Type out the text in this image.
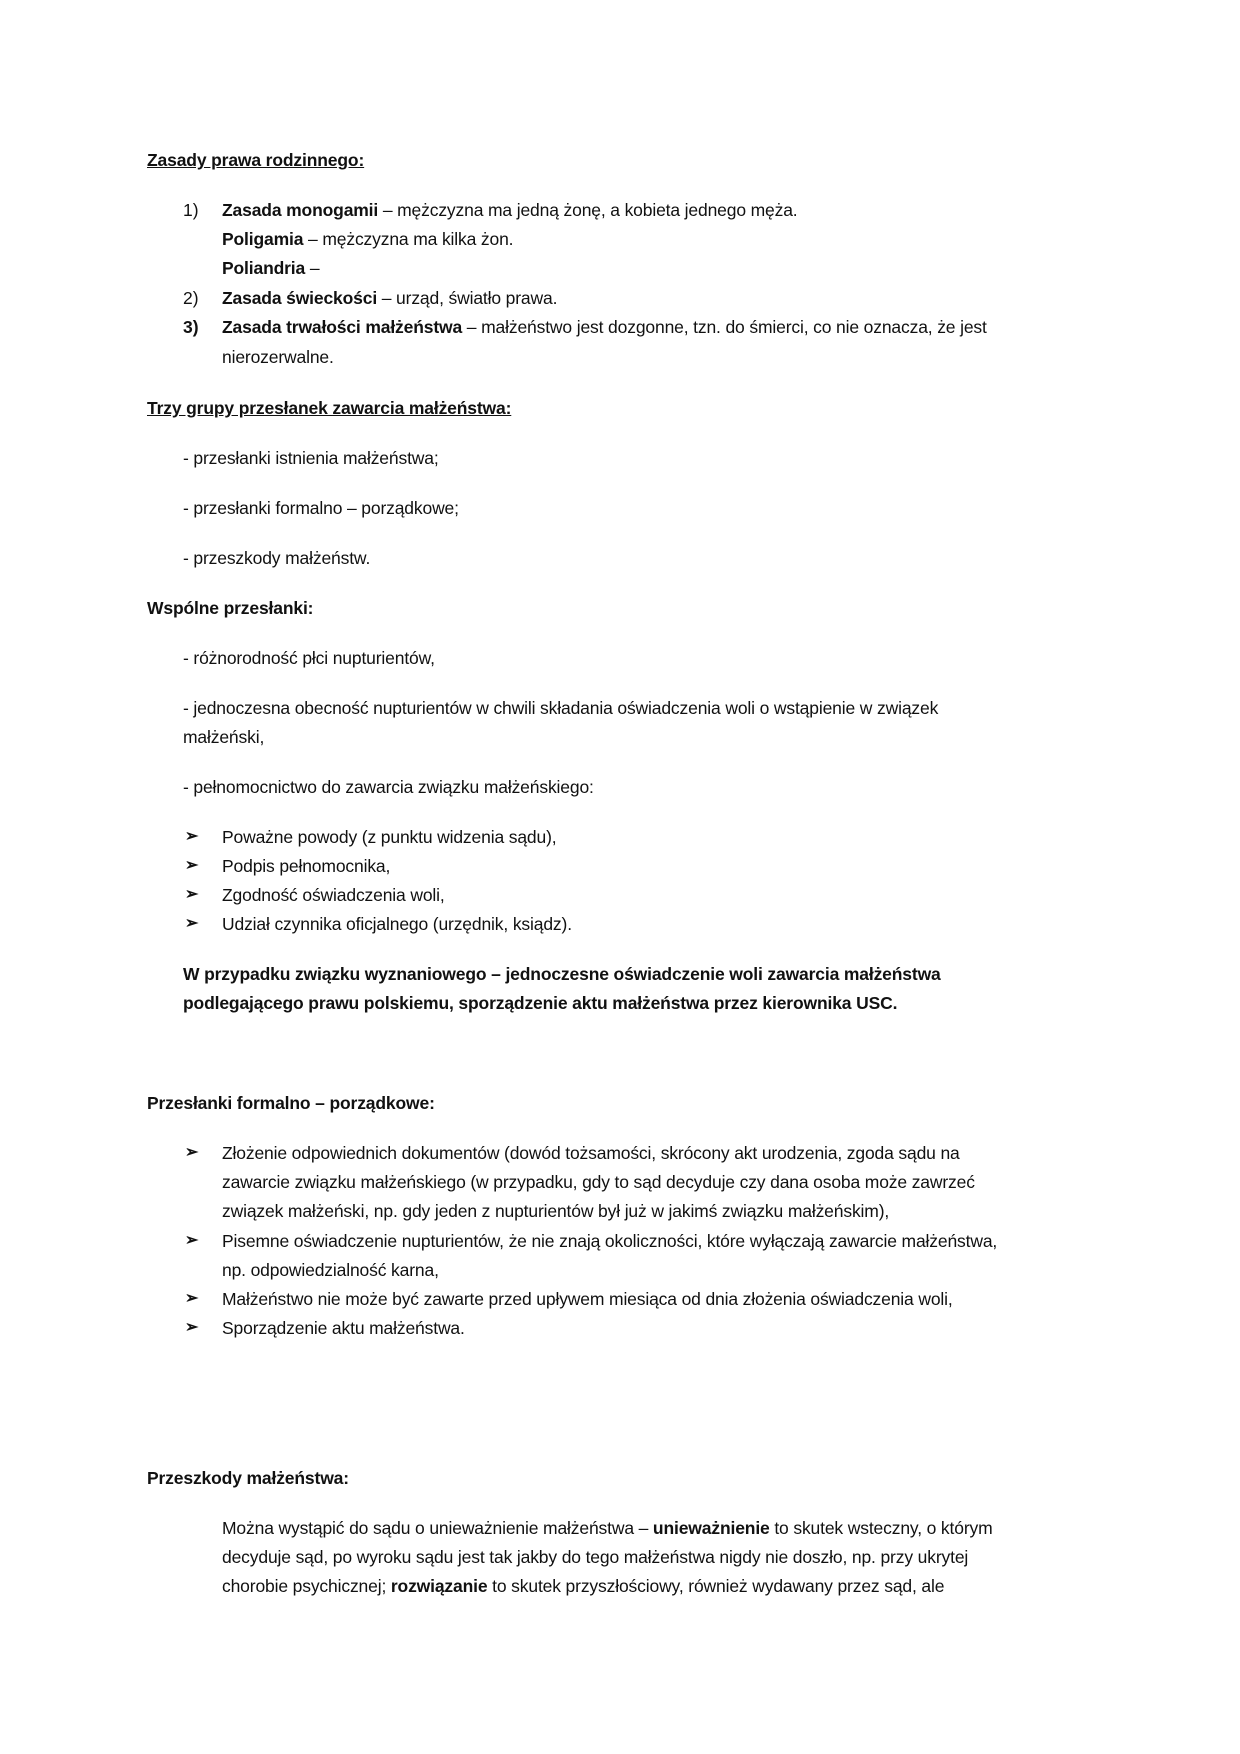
Zasady prawa rodzinnego:
1) Zasada monogamii – mężczyzna ma jedną żonę, a kobieta jednego męża.
Poligamia – mężczyzna ma kilka żon.
Poliandria –
2) Zasada świeckości – urząd, światło prawa.
3) Zasada trwałości małżeństwa – małżeństwo jest dozgonne, tzn. do śmierci, co nie oznacza, że jest
nierozerwalne.
Trzy grupy przesłanek zawarcia małżeństwa:
- przesłanki istnienia małżeństwa;
- przesłanki formalno – porządkowe;
- przeszkody małżeństw.
Wspólne przesłanki:
- różnorodność płci nupturientów,
- jednoczesna obecność nupturientów w chwili składania oświadczenia woli o wstąpienie w związek
małżeński,
- pełnomocnictwo do zawarcia związku małżeńskiego:
➢ Poważne powody (z punktu widzenia sądu),
➢ Podpis pełnomocnika,
➢ Zgodność oświadczenia woli,
➢ Udział czynnika oficjalnego (urzędnik, ksiądz).
W przypadku związku wyznaniowego – jednoczesne oświadczenie woli zawarcia małżeństwa
podlegającego prawu polskiemu, sporządzenie aktu małżeństwa przez kierownika USC.
Przesłanki formalno – porządkowe:
➢ Złożenie odpowiednich dokumentów (dowód tożsamości, skrócony akt urodzenia, zgoda sądu na
zawarcie związku małżeńskiego (w przypadku, gdy to sąd decyduje czy dana osoba może zawrzeć
związek małżeński, np. gdy jeden z nupturientów był już w jakimś związku małżeńskim),
➢ Pisemne oświadczenie nupturientów, że nie znają okoliczności, które wyłączają zawarcie małżeństwa,
np. odpowiedzialność karna,
➢ Małżeństwo nie może być zawarte przed upływem miesiąca od dnia złożenia oświadczenia woli,
➢ Sporządzenie aktu małżeństwa.
Przeszkody małżeństwa:
Można wystąpić do sądu o unieważnienie małżeństwa – unieważnienie to skutek wsteczny, o którym
decyduje sąd, po wyroku sądu jest tak jakby do tego małżeństwa nigdy nie doszło, np. przy ukrytej
chorobie psychicznej; rozwiązanie to skutek przyszłościowy, również wydawany przez sąd, ale
